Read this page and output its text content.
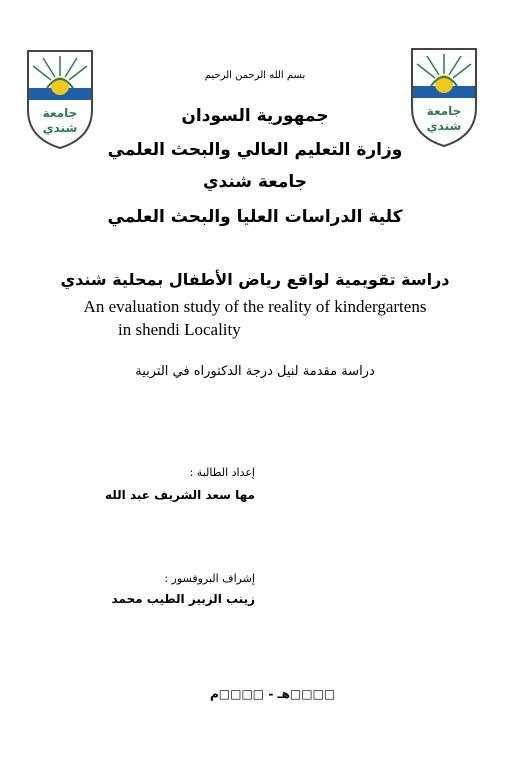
جامعة
شندي
جامعة
شندي
بسم الله الرحمن الرحيم
جمهورية السودان
وزارة التعليم العالي والبحث العلمي
جامعة شندي
كلية الدراسات العليا والبحث العلمي
دراسة تقويمية لواقع رياض الأطفال بمحلية شندي
An evaluation study of the reality of kindergartens
in shendi Locality
دراسة مقدمة لنيل درجة الدكتوراه في التربية
إعداد الطالبة :
مها سعد الشريف عبد الله
إشراف البروفسور :
زينب الزبير الطيب محمد
□□□□هـ - □□□□م
